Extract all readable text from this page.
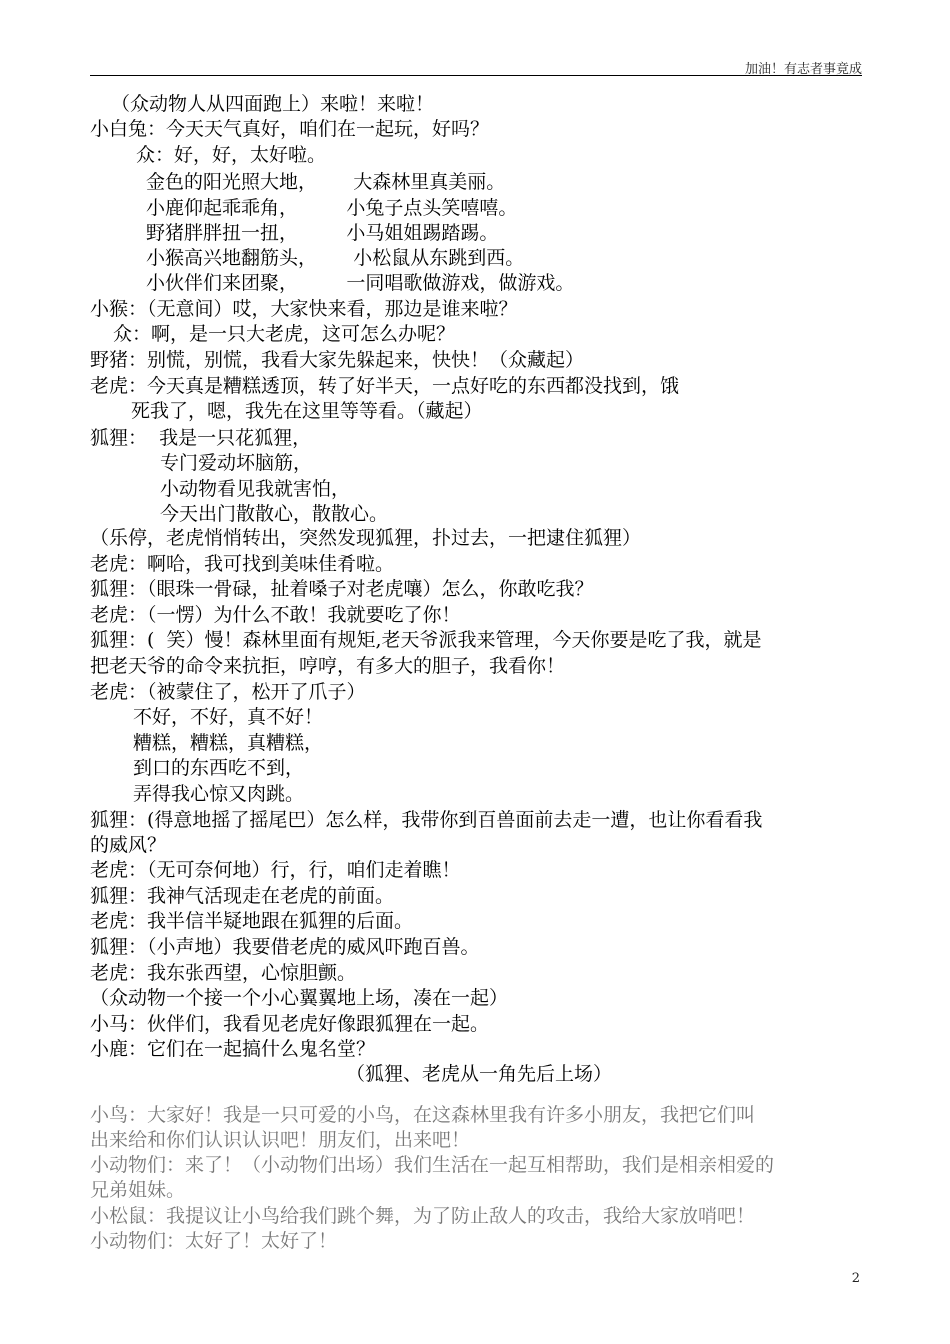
加油！有志者事竟成
（众动物人从四面跑上）来啦！来啦！
小白兔：今天天气真好，咱们在一起玩，好吗？
众：好，好，太好啦。
金色的阳光照大地，      大森林里真美丽。
小鹿仰起乖乖角，        小兔子点头笑嘻嘻。
野猪胖胖扭一扭，        小马姐姐踢踏踢。
小猴高兴地翻筋头，      小松鼠从东跳到西。
小伙伴们来团聚，        一同唱歌做游戏，做游戏。
小猴：（无意间）哎，大家快来看，那边是谁来啦？
众：啊，是一只大老虎，这可怎么办呢？
野猪：别慌，别慌，我看大家先躲起来，快快！（众藏起）
老虎：今天真是糟糕透顶，转了好半天，一点好吃的东西都没找到，饿
死我了，嗯，我先在这里等等看。（藏起）
狐狸：  我是一只花狐狸，
专门爱动坏脑筋，
小动物看见我就害怕，
今天出门散散心，散散心。
（乐停，老虎悄悄转出，突然发现狐狸，扑过去，一把逮住狐狸）
老虎：啊哈，我可找到美味佳肴啦。
狐狸：（眼珠一骨碌，扯着嗓子对老虎嚷）怎么，你敢吃我？
老虎：（一愣）为什么不敢！我就要吃了你！
狐狸：(  笑）慢！森林里面有规矩,老天爷派我来管理，今天你要是吃了我，就是
把老天爷的命令来抗拒，哼哼，有多大的胆子，我看你！
老虎：（被蒙住了，松开了爪子）
不好，不好，真不好！
糟糕，糟糕，真糟糕，
到口的东西吃不到，
弄得我心惊又肉跳。
狐狸：(得意地摇了摇尾巴）怎么样，我带你到百兽面前去走一遭，也让你看看我
的威风？
老虎：（无可奈何地）行，行，咱们走着瞧！
狐狸：我神气活现走在老虎的前面。
老虎：我半信半疑地跟在狐狸的后面。
狐狸：（小声地）我要借老虎的威风吓跑百兽。
老虎：我东张西望，心惊胆颤。
（众动物一个接一个小心翼翼地上场，凑在一起）
小马：伙伴们，我看见老虎好像跟狐狸在一起。
小鹿：它们在一起搞什么鬼名堂？
（狐狸、老虎从一角先后上场）
小鸟：大家好！我是一只可爱的小鸟，在这森林里我有许多小朋友，我把它们叫
出来给和你们认识认识吧！朋友们，出来吧！
小动物们：来了！（小动物们出场）我们生活在一起互相帮助，我们是相亲相爱的
兄弟姐妹。
小松鼠：我提议让小鸟给我们跳个舞，为了防止敌人的攻击，我给大家放哨吧！
小动物们：太好了！太好了！
2
